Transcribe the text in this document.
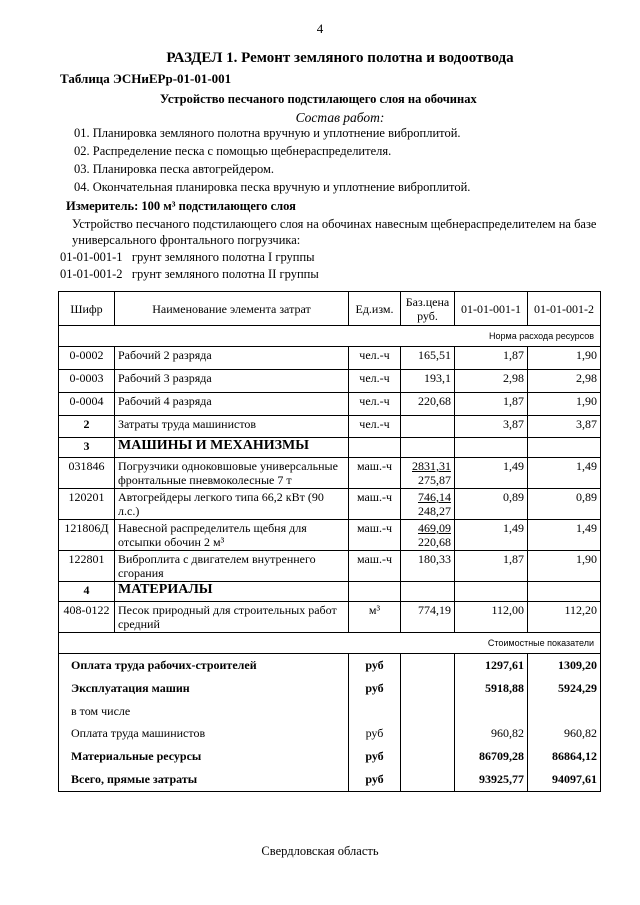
4
РАЗДЕЛ 1. Ремонт земляного полотна и водоотвода
Таблица ЭСНиЕРр-01-01-001
Устройство песчаного подстилающего слоя на обочинах
Состав работ:
01. Планировка земляного полотна вручную и уплотнение виброплитой.
02. Распределение песка с помощью щебнераспределителя.
03. Планировка песка автогрейдером.
04. Окончательная планировка песка вручную и уплотнение виброплитой.
Измеритель: 100 м³ подстилающего слоя
Устройство песчаного подстилающего слоя на обочинах навесным щебнераспределителем на базе универсального фронтального погрузчика:
01-01-001-1 грунт земляного полотна I группы
01-01-001-2 грунт земляного полотна II группы
Шифр	Наименование элемента затрат	Ед.изм.	Баз.цена руб.	01-01-001-1	01-01-001-2
Норма расхода ресурсов					
0-0002	Рабочий 2 разряда	чел.-ч	165,51	1,87	1,90
0-0003	Рабочий 3 разряда	чел.-ч	193,1	2,98	2,98
0-0004	Рабочий 4 разряда	чел.-ч	220,68	1,87	1,90
2	Затраты труда машинистов	чел.-ч		3,87	3,87
3	МАШИНЫ И МЕХАНИЗМЫ				
031846	Погрузчики одноковшовые универсальные фронтальные пневмоколесные 7 т	маш.-ч	2831,31
275,87	1,49	1,49
120201	Автогрейдеры легкого типа 66,2 кВт (90 л.с.)	маш.-ч	746,14
248,27	0,89	0,89
121806Д	Навесной распределитель щебня для отсыпки обочин 2 м³	маш.-ч	469,09
220,68	1,49	1,49
122801	Виброплита с двигателем внутреннего сгорания	маш.-ч	180,33	1,87	1,90
4	МАТЕРИАЛЫ				
408-0122	Песок природный для строительных работ средний	м³	774,19	112,00	112,20
Стоимостные показатели					
Оплата труда рабочих-строителей		руб		1297,61	1309,20
Эксплуатация машин		руб		5918,88	5924,29
в том числе					
Оплата труда машинистов		руб		960,82	960,82
Материальные ресурсы		руб		86709,28	86864,12
Всего, прямые затраты		руб		93925,77	94097,61
Свердловская область
